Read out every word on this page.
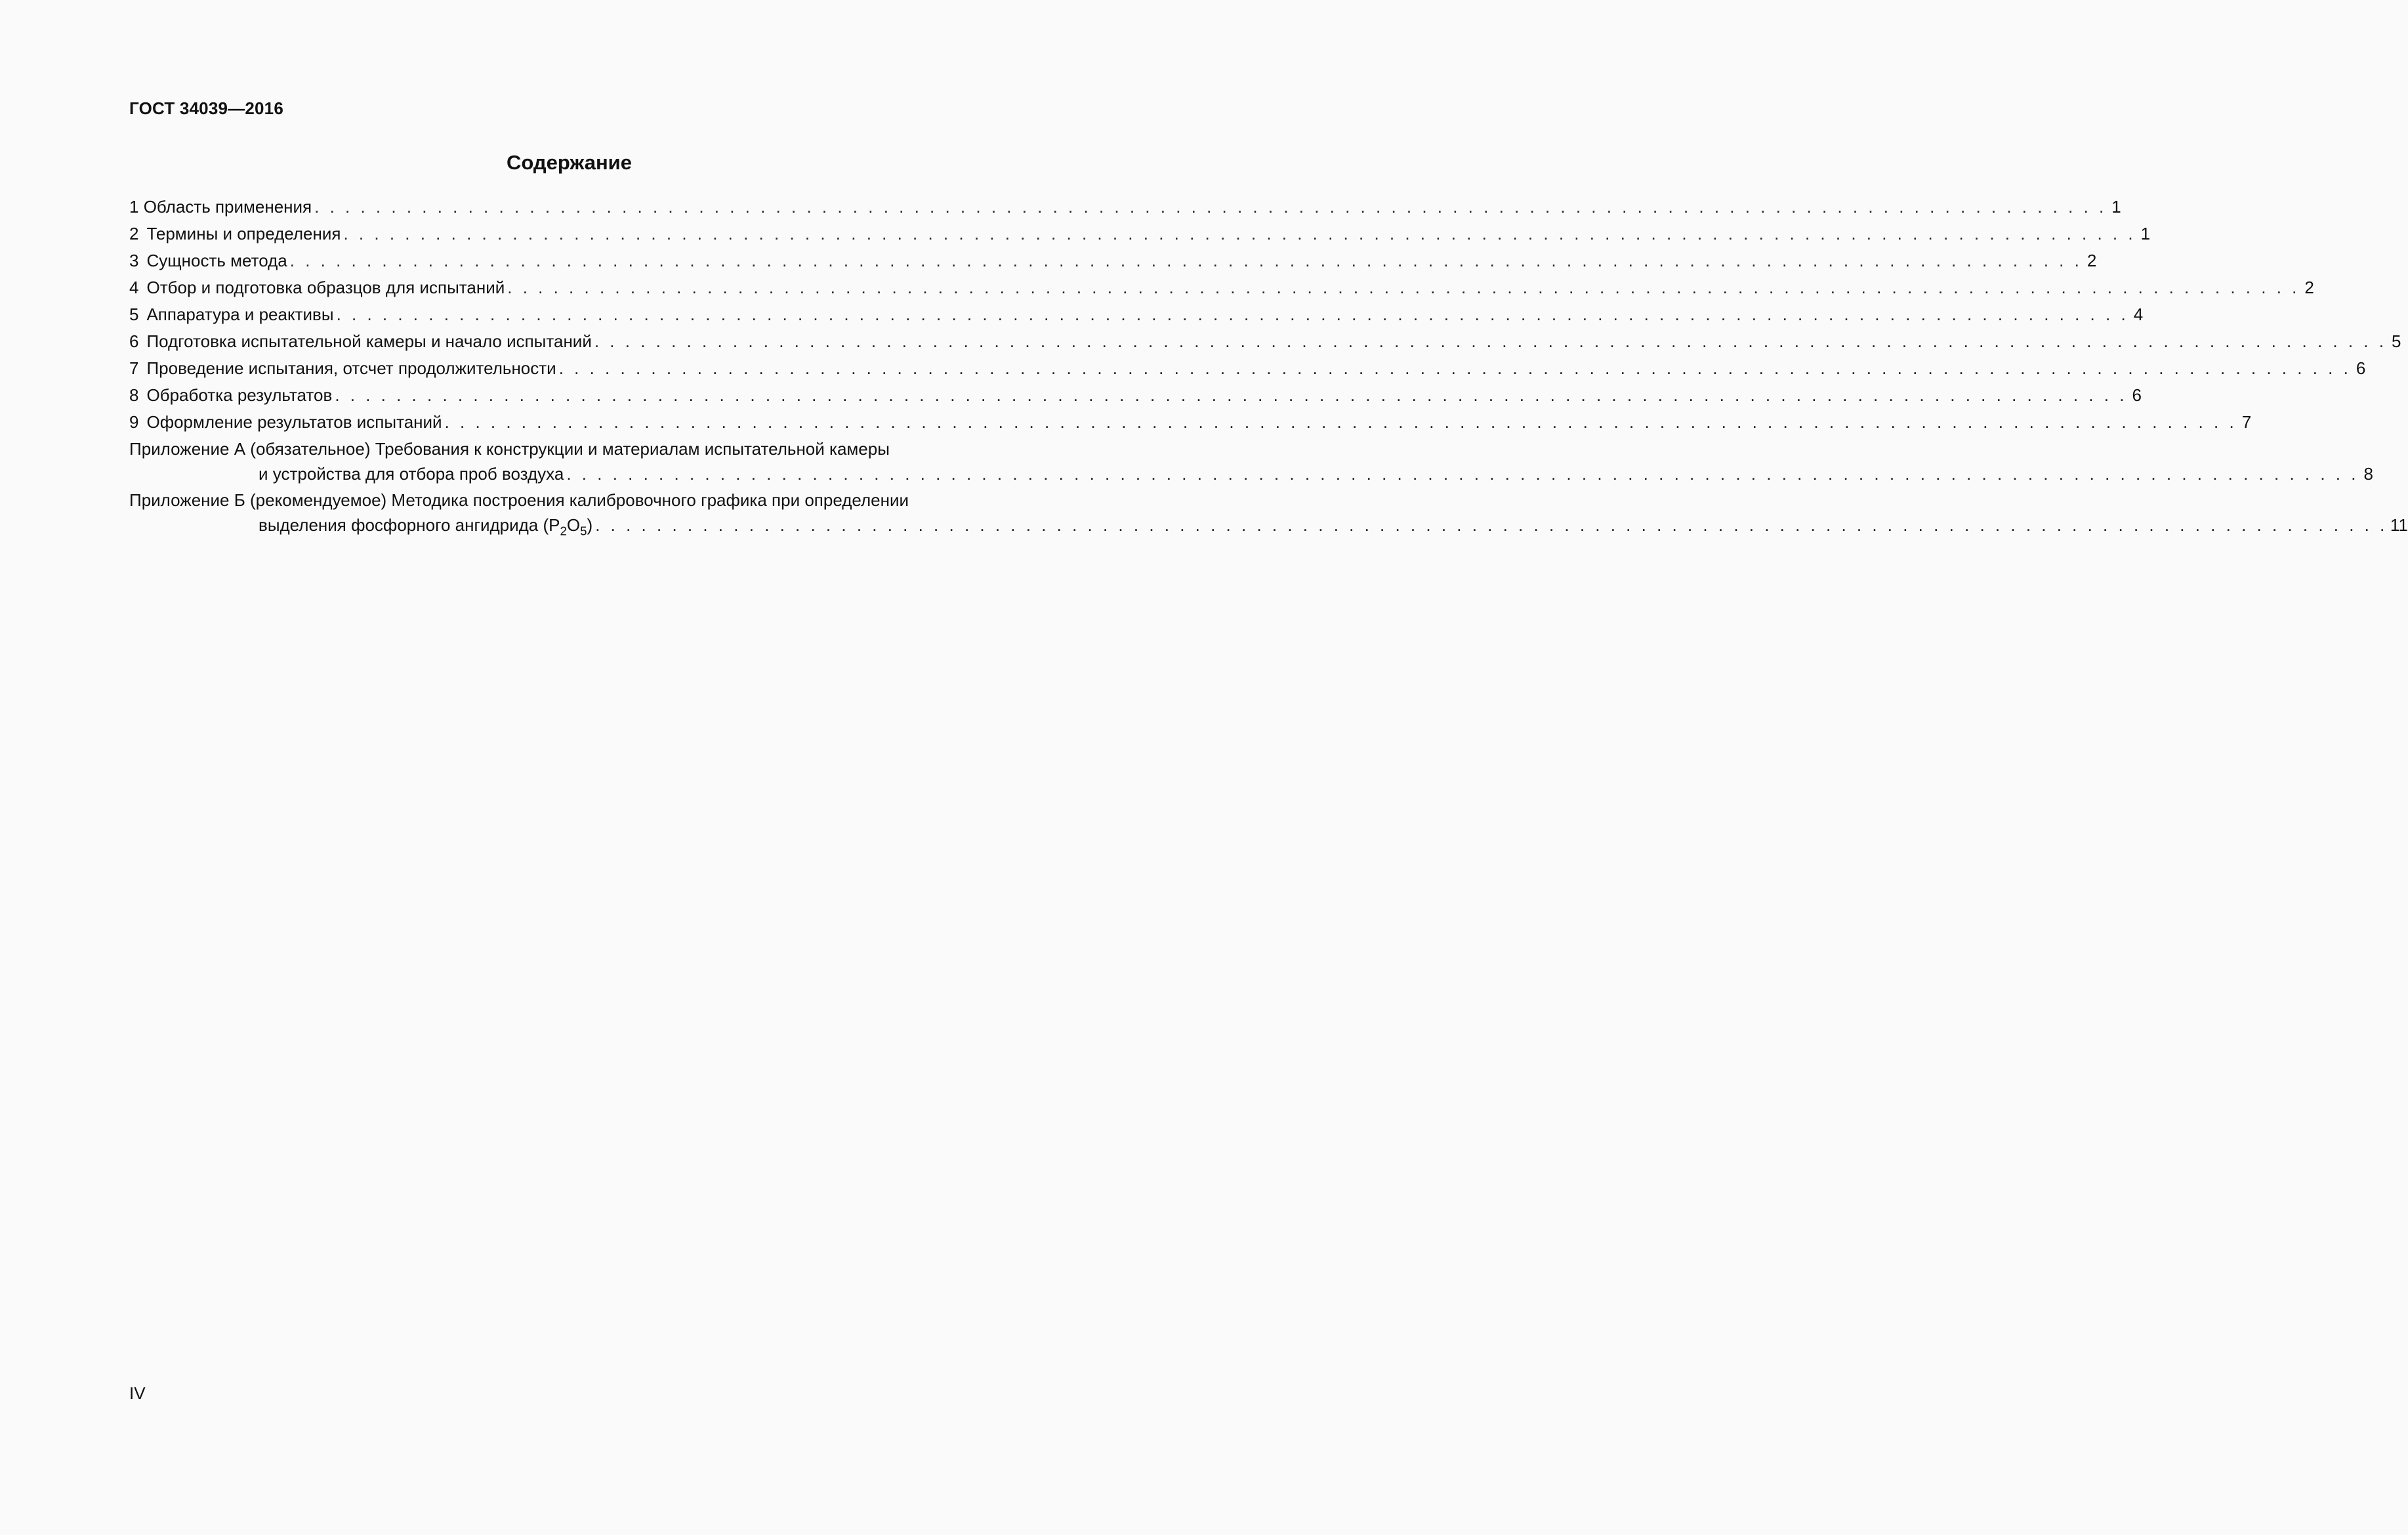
ГОСТ 34039—2016
Содержание
1 Область применения . . . . . . . . . . . . . . . . . . . . . . . . . . . . . . . . . . . . . . . . . . . . . . . . . . . . . . . . . . . . . . . . . . . . . . . . . . . . . . . . . . . . . . . . . . . . . . . . . . . . . . . . . . . . . . . . . . . . . 1
2 Термины и определения . . . . . . . . . . . . . . . . . . . . . . . . . . . . . . . . . . . . . . . . . . . . . . . . . . . . . . . . . . . . . . . . . . . . . . . . . . . . . . . . . . . . . . . . . . . . . . . . . . . . . . . . . . . . . . . . . . . . . 1
3 Сущность метода . . . . . . . . . . . . . . . . . . . . . . . . . . . . . . . . . . . . . . . . . . . . . . . . . . . . . . . . . . . . . . . . . . . . . . . . . . . . . . . . . . . . . . . . . . . . . . . . . . . . . . . . . . . . . . . . . . . . . 2
4 Отбор и подготовка образцов для испытаний . . . . . . . . . . . . . . . . . . . . . . . . . . . . . . . . . . . . . . . . . . . . . . . . . . . . . . . . . . . . . . . . . . . . . . . . . . . . . . . . . . . . . . . . . . . . . . . . . . . . . . . . . . . . . . . . . . . . . 2
5 Аппаратура и реактивы . . . . . . . . . . . . . . . . . . . . . . . . . . . . . . . . . . . . . . . . . . . . . . . . . . . . . . . . . . . . . . . . . . . . . . . . . . . . . . . . . . . . . . . . . . . . . . . . . . . . . . . . . . . . . . . . . . . . . 4
6 Подготовка испытательной камеры и начало испытаний . . . . . . . . . . . . . . . . . . . . . . . . . . . . . . . . . . . . . . . . . . . . . . . . . . . . . . . . . . . . . . . . . . . . . . . . . . . . . . . . . . . . . . . . . . . . . . . . . . . . . . . . . . . . . . . . . . . . . 5
7 Проведение испытания, отсчет продолжительности . . . . . . . . . . . . . . . . . . . . . . . . . . . . . . . . . . . . . . . . . . . . . . . . . . . . . . . . . . . . . . . . . . . . . . . . . . . . . . . . . . . . . . . . . . . . . . . . . . . . . . . . . . . . . . . . . . . . . 6
8 Обработка результатов . . . . . . . . . . . . . . . . . . . . . . . . . . . . . . . . . . . . . . . . . . . . . . . . . . . . . . . . . . . . . . . . . . . . . . . . . . . . . . . . . . . . . . . . . . . . . . . . . . . . . . . . . . . . . . . . . . . . . 6
9 Оформление результатов испытаний . . . . . . . . . . . . . . . . . . . . . . . . . . . . . . . . . . . . . . . . . . . . . . . . . . . . . . . . . . . . . . . . . . . . . . . . . . . . . . . . . . . . . . . . . . . . . . . . . . . . . . . . . . . . . . . . . . . . . 7
Приложение А (обязательное) Требования к конструкции и материалам испытательной камеры
и устройства для отбора проб воздуха . . . . . . . . . . . . . . . . . . . . . . . . . . . . . . . . . . . . . . . . . . . . . . . . . . . . . . . . . . . . . . . . . . . . . . . . . . . . . . . . . . . . . . . . . . . . . . . . . . . . . . . . . . . . . . . . . . . . . 8
Приложение Б (рекомендуемое) Методика построения калибровочного графика при определении
выделения фосфорного ангидрида $(P_2O_5)$ . . . . . . . . . . . . . . . . . . . . . . . . . . . . . . . . . . . . . . . . . . . . . . . . . . . . . . . . . . . . . . . . . . . . . . . . . . . . . . . . . . . . . . . . . . . . . . . . . . . . . . . . . . . . . . . . . . . . . 11
IV
